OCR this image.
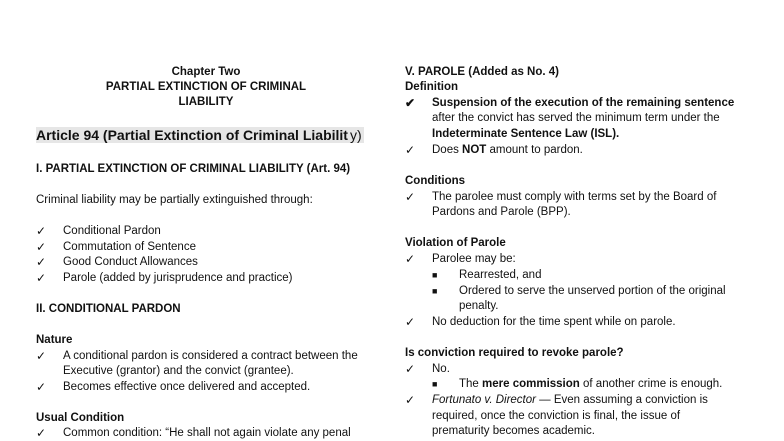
Chapter Two
PARTIAL EXTINCTION OF CRIMINAL
LIABILITY
Article 94 (Partial Extinction of Criminal Liabilit y)
I. PARTIAL EXTINCTION OF CRIMINAL LIABILITY (Art. 94)
Criminal liability may be partially extinguished through:
✓	Conditional Pardon
✓	Commutation of Sentence
✓	Good Conduct Allowances
✓	Parole (added by jurisprudence and practice)
II. CONDITIONAL PARDON
Nature
✓	A conditional pardon is considered a contract between the
Executive (grantor) and the convict (grantee).
✓	Becomes effective once delivered and accepted.
Usual Condition
✓	Common condition: “He shall not again violate any penal
V. PAROLE (Added as No. 4)
Definition
✔	Suspension of the execution of the remaining sentence
after the convict has served the minimum term under the
Indeterminate Sentence Law (ISL).
✓	Does NOT amount to pardon.
Conditions
✓	The parolee must comply with terms set by the Board of
Pardons and Parole (BPP).
Violation of Parole
✓	Parolee may be:
■ Rearrested, and
■ Ordered to serve the unserved portion of the original
penalty.
✓	No deduction for the time spent while on parole.
Is conviction required to revoke parole?
✓	No.
■ The mere commission of another crime is enough.
✓	Fortunato v. Director — Even assuming a conviction is
required, once the conviction is final, the issue of
prematurity becomes academic.
